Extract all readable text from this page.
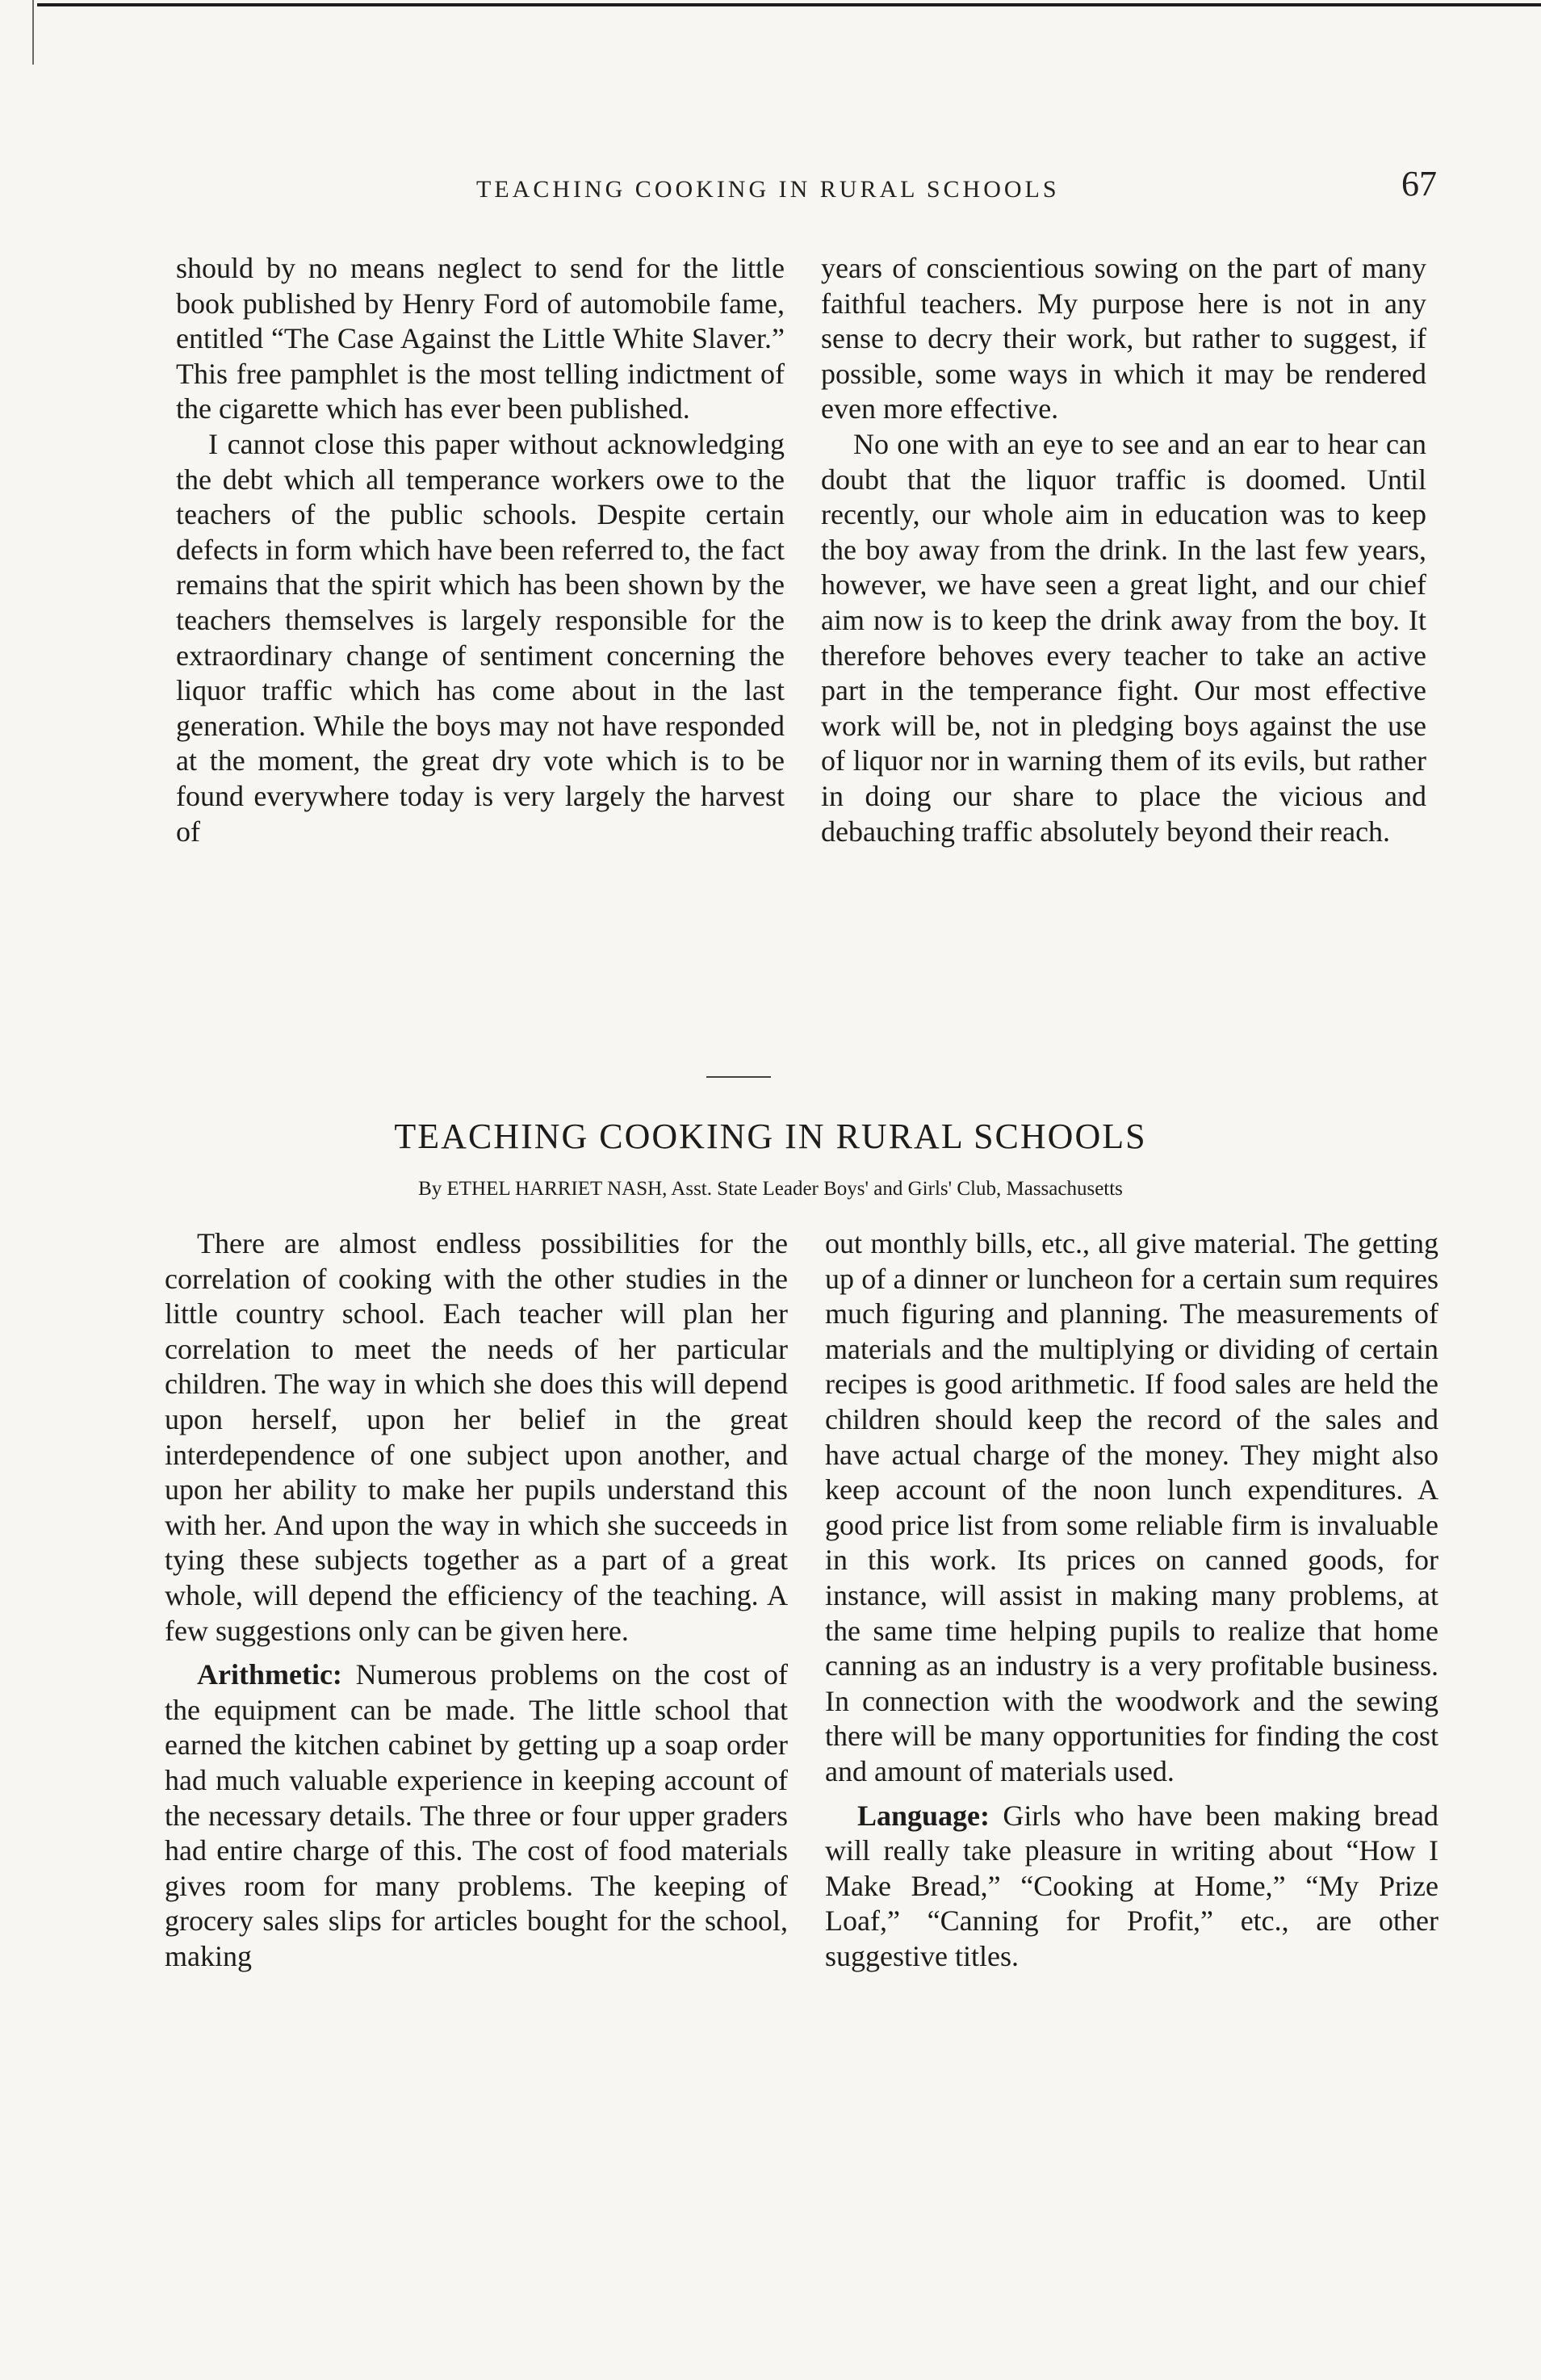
TEACHING COOKING IN RURAL SCHOOLS	67

should by no means neglect to send for the little book published by Henry Ford of automobile fame, entitled “The Case Against the Little White Slaver.” This free pamphlet is the most telling indictment of the cigarette which has ever been published.

I cannot close this paper without acknowledging the debt which all temperance workers owe to the teachers of the public schools. Despite certain defects in form which have been referred to, the fact remains that the spirit which has been shown by the teachers themselves is largely responsible for the extraordinary change of sentiment concerning the liquor traffic which has come about in the last generation. While the boys may not have responded at the moment, the great dry vote which is to be found everywhere today is very largely the harvest of

years of conscientious sowing on the part of many faithful teachers. My purpose here is not in any sense to decry their work, but rather to suggest, if possible, some ways in which it may be rendered even more effective.

No one with an eye to see and an ear to hear can doubt that the liquor traffic is doomed. Until recently, our whole aim in education was to keep the boy away from the drink. In the last few years, however, we have seen a great light, and our chief aim now is to keep the drink away from the boy. It therefore behoves every teacher to take an active part in the temperance fight. Our most effective work will be, not in pledging boys against the use of liquor nor in warning them of its evils, but rather in doing our share to place the vicious and debauching traffic absolutely beyond their reach.

TEACHING COOKING IN RURAL SCHOOLS
By ETHEL HARRIET NASH, Asst. State Leader Boys' and Girls' Club, Massachusetts

There are almost endless possibilities for the correlation of cooking with the other studies in the little country school. Each teacher will plan her correlation to meet the needs of her particular children. The way in which she does this will depend upon herself, upon her belief in the great interdependence of one subject upon another, and upon her ability to make her pupils understand this with her. And upon the way in which she succeeds in tying these subjects together as a part of a great whole, will depend the efficiency of the teaching. A few suggestions only can be given here.

Arithmetic: Numerous problems on the cost of the equipment can be made. The little school that earned the kitchen cabinet by getting up a soap order had much valuable experience in keeping account of the necessary details. The three or four upper graders had entire charge of this. The cost of food materials gives room for many problems. The keeping of grocery sales slips for articles bought for the school, making

out monthly bills, etc., all give material. The getting up of a dinner or luncheon for a certain sum requires much figuring and planning. The measurements of materials and the multiplying or dividing of certain recipes is good arithmetic. If food sales are held the children should keep the record of the sales and have actual charge of the money. They might also keep account of the noon lunch expenditures. A good price list from some reliable firm is invaluable in this work. Its prices on canned goods, for instance, will assist in making many problems, at the same time helping pupils to realize that home canning as an industry is a very profitable business. In connection with the woodwork and the sewing there will be many opportunities for finding the cost and amount of materials used.

Language: Girls who have been making bread will really take pleasure in writing about “How I Make Bread,” “Cooking at Home,” “My Prize Loaf,” “Canning for Profit,” etc., are other suggestive titles.
